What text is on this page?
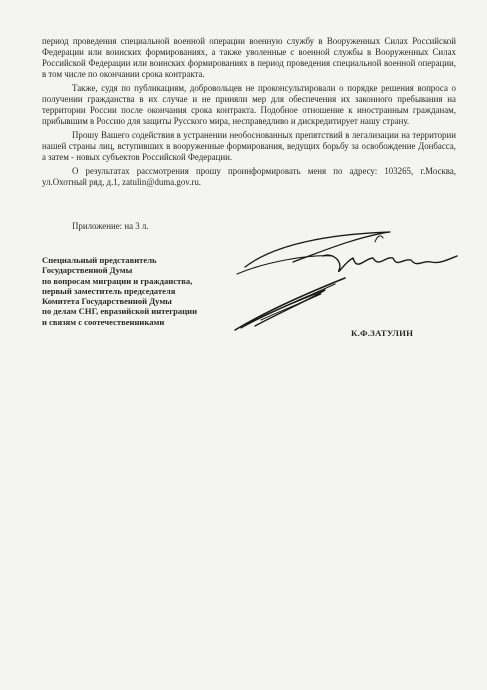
период проведения специальной военной операции военную службу в Вооруженных Силах Российской Федерации или воинских формированиях, а также уволенные с военной службы в Вооруженных Силах Российской Федерации или воинских формированиях в период проведения специальной военной операции, в том числе по окончании срока контракта.

Также, судя по публикациям, добровольцев не проконсультировали о порядке решения вопроса о получении гражданства в их случае и не приняли мер для обеспечения их законного пребывания на территории России после окончания срока контракта. Подобное отношение к иностранным гражданам, прибывшим в Россию для защиты Русского мира, несправедливо и дискредитирует нашу страну.

Прошу Вашего содействия в устранении необоснованных препятствий в легализации на территории нашей страны лиц, вступивших в вооруженные формирования, ведущих борьбу за освобождение Донбасса, а затем - новых субъектов Российской Федерации.

О результатах рассмотрения прошу проинформировать меня по адресу: 103265, г.Москва, ул.Охотный ряд, д.1, zatulin@duma.gov.ru.

Приложение: на 3 л.
Специальный представитель
Государственной Думы
по вопросам миграции и гражданства,
первый заместитель председателя
Комитета Государственной Думы
по делам СНГ, евразийской интеграции
и связям с соотечественниками
К.Ф.ЗАТУЛИН
